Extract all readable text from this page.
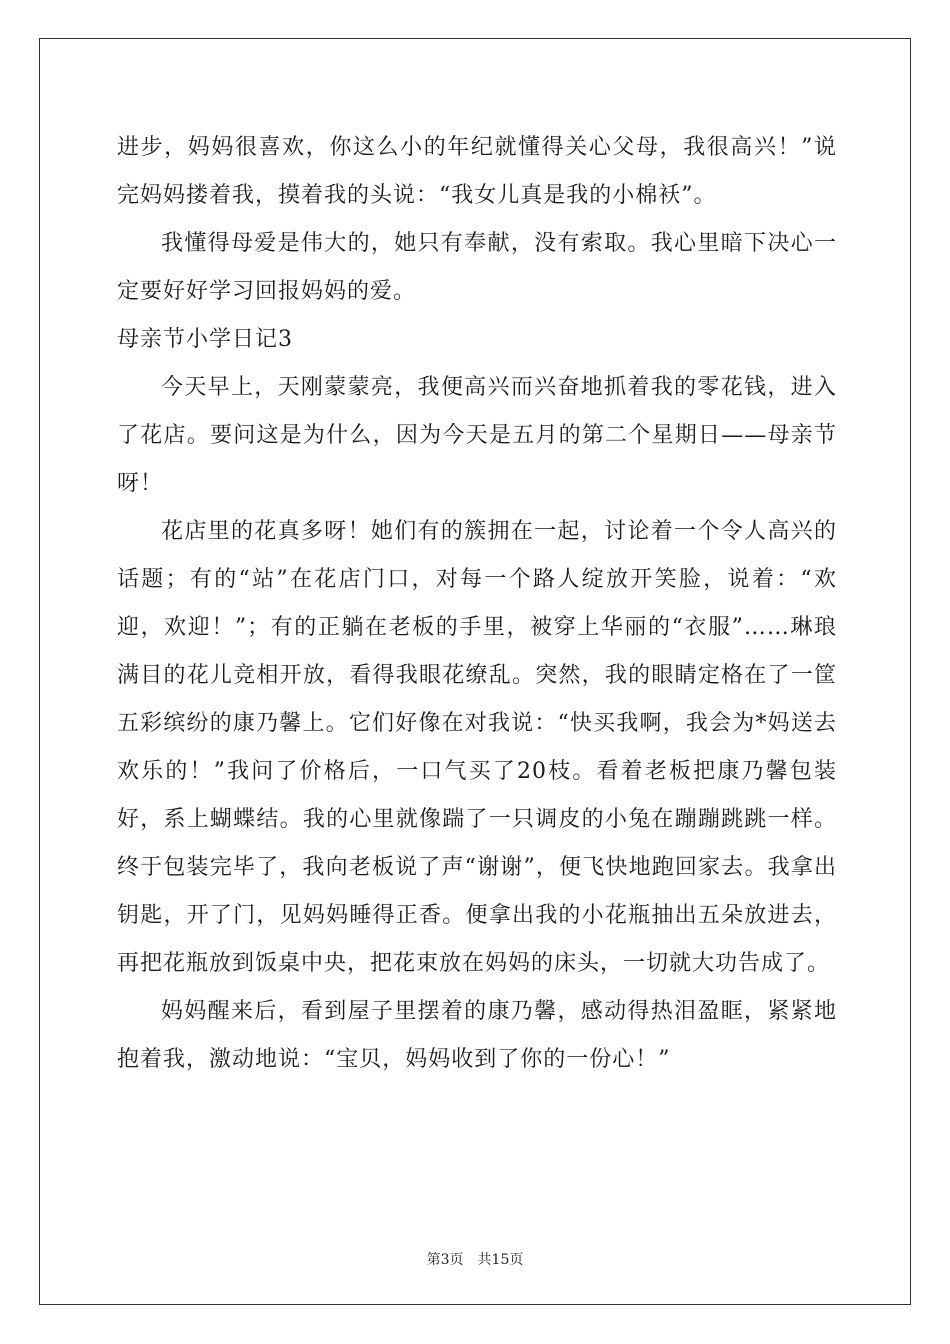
进步，妈妈很喜欢，你这么小的年纪就懂得关心父母，我很高兴！”说完妈妈搂着我，摸着我的头说：“我女儿真是我的小棉袄”。

我懂得母爱是伟大的，她只有奉献，没有索取。我心里暗下决心一定要好好学习回报妈妈的爱。

母亲节小学日记3

今天早上，天刚蒙蒙亮，我便高兴而兴奋地抓着我的零花钱，进入了花店。要问这是为什么，因为今天是五月的第二个星期日——母亲节呀！

花店里的花真多呀！她们有的簇拥在一起，讨论着一个令人高兴的话题；有的“站”在花店门口，对每一个路人绽放开笑脸，说着：“欢迎，欢迎！”；有的正躺在老板的手里，被穿上华丽的“衣服”……琳琅满目的花儿竞相开放，看得我眼花缭乱。突然，我的眼睛定格在了一筐五彩缤纷的康乃馨上。它们好像在对我说：“快买我啊，我会为*妈送去欢乐的！”我问了价格后，一口气买了20枝。看着老板把康乃馨包装好，系上蝴蝶结。我的心里就像踹了一只调皮的小兔在蹦蹦跳跳一样。终于包装完毕了，我向老板说了声“谢谢”，便飞快地跑回家去。我拿出钥匙，开了门，见妈妈睡得正香。便拿出我的小花瓶抽出五朵放进去，再把花瓶放到饭桌中央，把花束放在妈妈的床头，一切就大功告成了。

妈妈醒来后，看到屋子里摆着的康乃馨，感动得热泪盈眶，紧紧地抱着我，激动地说：“宝贝，妈妈收到了你的一份心！”

第3页 共15页
